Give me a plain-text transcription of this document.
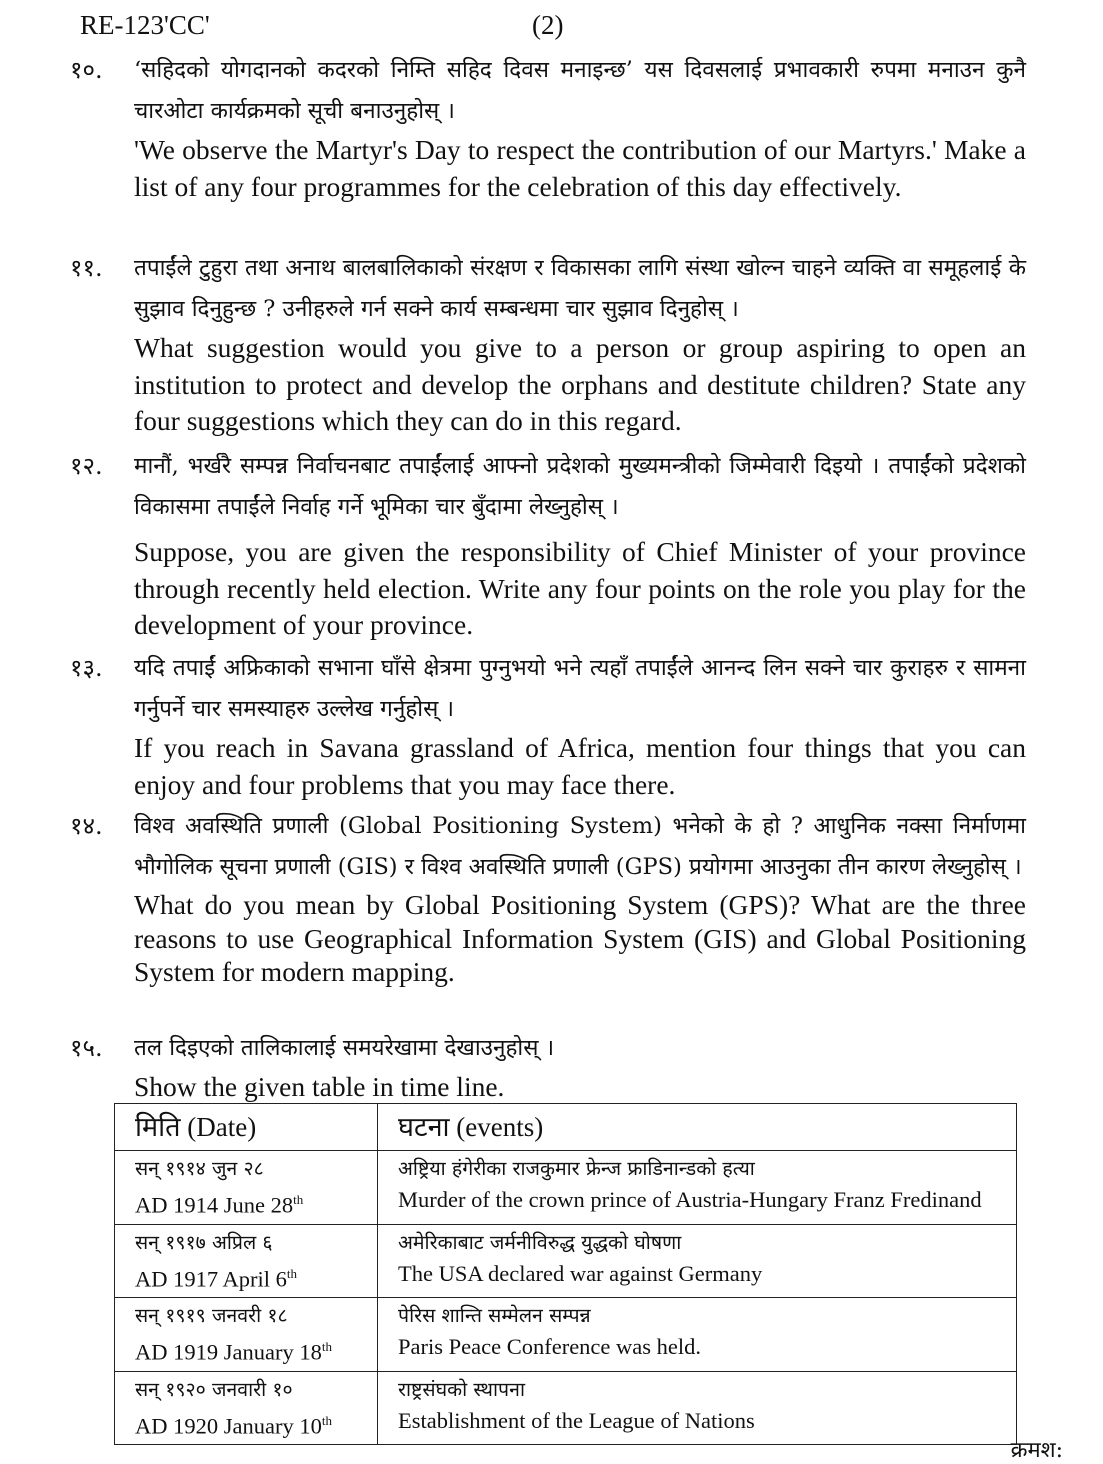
RE-123'CC'	(2)
१०.	‘सहिदको योगदानको कदरको निम्ति सहिद दिवस मनाइन्छ’ यस दिवसलाई प्रभावकारी रुपमा मनाउन कुनै चारओटा कार्यक्रमको सूची बनाउनुहोस् ।
'We observe the Martyr's Day to respect the contribution of our Martyrs.' Make a list of any four programmes for the celebration of this day effectively.
११.	तपाईंले टुहुरा तथा अनाथ बालबालिकाको संरक्षण र विकासका लागि संस्था खोल्न चाहने व्यक्ति वा समूहलाई के सुझाव दिनुहुन्छ ? उनीहरुले गर्न सक्ने कार्य सम्बन्धमा चार सुझाव दिनुहोस् ।
What suggestion would you give to a person or group aspiring to open an institution to protect and develop the orphans and destitute children? State any four suggestions which they can do in this regard.
१२.	मानौं, भर्खरै सम्पन्न निर्वाचनबाट तपाईंलाई आफ्नो प्रदेशको मुख्यमन्त्रीको जिम्मेवारी दिइयो । तपाईंको प्रदेशको विकासमा तपाईंले निर्वाह गर्ने भूमिका चार बुँदामा लेख्नुहोस् ।
Suppose, you are given the responsibility of Chief Minister of your province through recently held election. Write any four points on the role you play for the development of your province.
१३.	यदि तपाईं अफ्रिकाको सभाना घाँसे क्षेत्रमा पुग्नुभयो भने त्यहाँ तपाईंले आनन्द लिन सक्ने चार कुराहरु र सामना गर्नुपर्ने चार समस्याहरु उल्लेख गर्नुहोस् ।
If you reach in Savana grassland of Africa, mention four things that you can enjoy and four problems that you may face there.
१४.	विश्व अवस्थिति प्रणाली (Global Positioning System) भनेको के हो ? आधुनिक नक्सा निर्माणमा भौगोलिक सूचना प्रणाली (GIS) र विश्व अवस्थिति प्रणाली (GPS) प्रयोगमा आउनुका तीन कारण लेख्नुहोस् ।
What do you mean by Global Positioning System (GPS)? What are the three reasons to use Geographical Information System (GIS) and Global Positioning System for modern mapping.
१५.	तल दिइएको तालिकालाई समयरेखामा देखाउनुहोस् ।
Show the given table in time line.
मिति (Date)	घटना (events)

सन् १९१४ जुन २८
AD 1914 June 28th	अष्ट्रिया हंगेरीका राजकुमार फ्रेन्ज फ्राडिनान्डको हत्या
Murder of the crown prince of Austria-Hungary Franz Fredinand

सन् १९१७ अप्रिल ६
AD 1917 April 6th	अमेरिकाबाट जर्मनीविरुद्ध युद्धको घोषणा
The USA declared war against Germany

सन् १९१९ जनवरी १८
AD 1919 January 18th	पेरिस शान्ति सम्मेलन सम्पन्न
Paris Peace Conference was held.

सन् १९२० जनवारी १०
AD 1920 January 10th	राष्ट्रसंघको स्थापना
Establishment of the League of Nations
क्रमश:
